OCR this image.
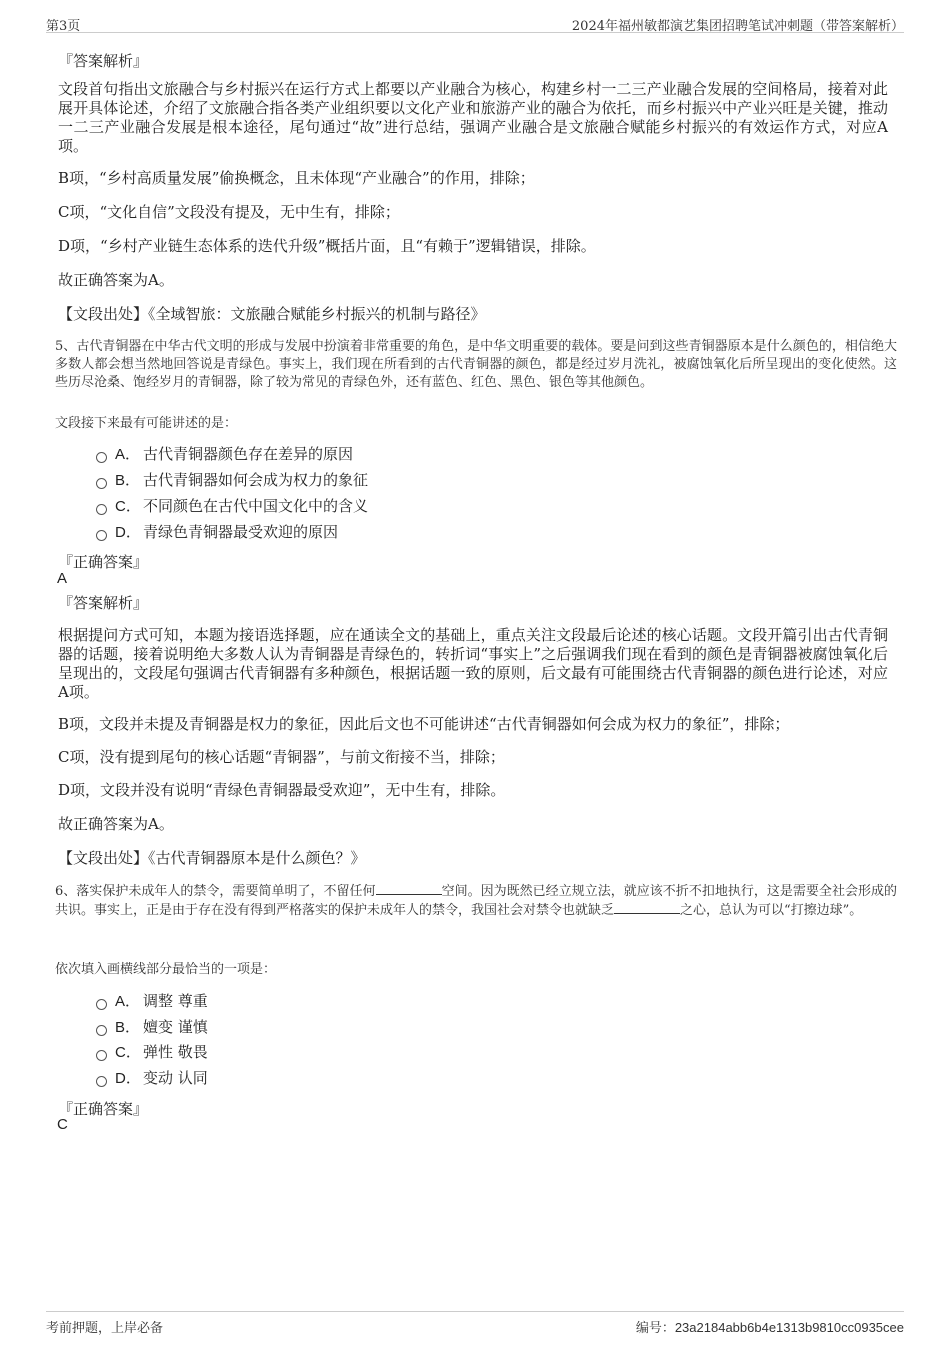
第3页	2024年福州敏都演艺集团招聘笔试冲刺题（带答案解析）
『答案解析』
文段首句指出文旅融合与乡村振兴在运行方式上都要以产业融合为核心，构建乡村一二三产业融合发展的空间格局，接着对此展开具体论述，介绍了文旅融合指各类产业组织要以文化产业和旅游产业的融合为依托，而乡村振兴中产业兴旺是关键，推动一二三产业融合发展是根本途径，尾句通过“故”进行总结，强调产业融合是文旅融合赋能乡村振兴的有效运作方式，对应A项。
B项，“乡村高质量发展”偷换概念，且未体现“产业融合”的作用，排除；
C项，“文化自信”文段没有提及，无中生有，排除；
D项，“乡村产业链生态体系的迭代升级”概括片面，且“有赖于”逻辑错误，排除。
故正确答案为A。
【文段出处】《全域智旅：文旅融合赋能乡村振兴的机制与路径》
5、古代青铜器在中华古代文明的形成与发展中扮演着非常重要的角色，是中华文明重要的载体。要是问到这些青铜器原本是什么颜色的，相信绝大多数人都会想当然地回答说是青绿色。事实上，我们现在所看到的古代青铜器的颜色，都是经过岁月洗礼，被腐蚀氧化后所呈现出的变化使然。这些历尽沧桑、饱经岁月的青铜器，除了较为常见的青绿色外，还有蓝色、红色、黑色、银色等其他颜色。
文段接下来最有可能讲述的是：
A． 古代青铜器颜色存在差异的原因
B． 古代青铜器如何会成为权力的象征
C． 不同颜色在古代中国文化中的含义
D． 青绿色青铜器最受欢迎的原因
『正确答案』
A
『答案解析』
根据提问方式可知，本题为接语选择题，应在通读全文的基础上，重点关注文段最后论述的核心话题。文段开篇引出古代青铜器的话题，接着说明绝大多数人认为青铜器是青绿色的，转折词“事实上”之后强调我们现在看到的颜色是青铜器被腐蚀氧化后呈现出的，文段尾句强调古代青铜器有多种颜色，根据话题一致的原则，后文最有可能围绕古代青铜器的颜色进行论述，对应A项。
B项，文段并未提及青铜器是权力的象征，因此后文也不可能讲述“古代青铜器如何会成为权力的象征”，排除；
C项，没有提到尾句的核心话题“青铜器”，与前文衔接不当，排除；
D项，文段并没有说明“青绿色青铜器最受欢迎”，无中生有，排除。
故正确答案为A。
【文段出处】《古代青铜器原本是什么颜色？》
6、落实保护未成年人的禁令，需要简单明了，不留任何	空间。因为既然已经立规立法，就应该不折不扣地执行，这是需要全社会形成的共识。事实上，正是由于存在没有得到严格落实的保护未成年人的禁令，我国社会对禁令也就缺乏	之心，总认为可以“打擦边球”。
依次填入画横线部分最恰当的一项是：
A． 调整 尊重
B． 嬗变 谨慎
C． 弹性 敬畏
D． 变动 认同
『正确答案』
C
考前押题，上岸必备	编号：23a2184abb6b4e1313b9810cc0935cee
